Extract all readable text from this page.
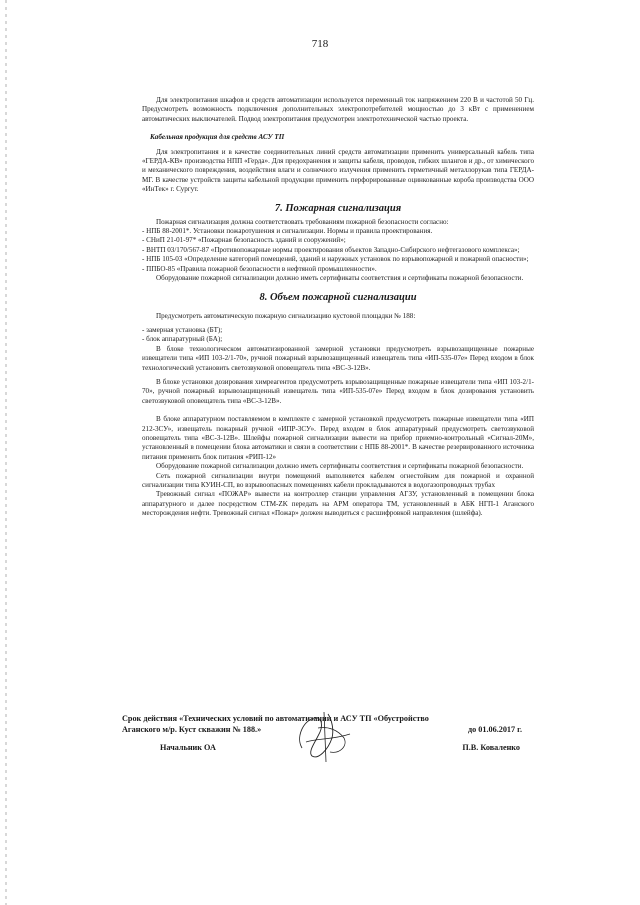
718

Для электропитания шкафов и средств автоматизации используется переменный ток напряжением 220 В и частотой 50 Гц. Предусмотреть возможность подключения дополнительных электропотребителей мощностью до 3 кВт с применением автоматических выключателей. Подвод электропитания предусмотрен электротехнической частью проекта.

Кабельная продукция для средств АСУ ТП

Для электропитания и в качестве соединительных линий средств автоматизации применить универсальный кабель типа «ГЕРДА-КВ» производства НПП «Герда». Для предохранения и защиты кабеля, проводов, гибких шлангов и др., от химического и механического повреждения, воздействия влаги и солнечного излучения применить герметичный металлорукав типа ГЕРДА-МГ. В качестве устройств защиты кабельной продукции применить перфорированные оцинкованные короба производства ООО «ИнТек» г. Сургут.

7. Пожарная сигнализация

Пожарная сигнализация должна соответствовать требованиям пожарной безопасности согласно:

- НПБ 88-2001*. Установки пожаротушения и сигнализации. Нормы и правила проектирования.

- СНиП 21-01-97* «Пожарная безопасность зданий и сооружений»;

- ВНТП 03/170/567-87 «Противопожарные нормы проектирования объектов Западно-Сибирского нефтегазового комплекса»;

- НПБ 105-03 «Определение категорий помещений, зданий и наружных установок по взрывопожарной и пожарной опасности»;

- ППБО-85 «Правила пожарной безопасности в нефтяной промышленности».

Оборудование пожарной сигнализации должно иметь сертификаты соответствия и сертификаты пожарной безопасности.

8. Объем пожарной сигнализации

Предусмотреть автоматическую пожарную сигнализацию кустовой площадки № 188:

- замерная установка (БТ);

- блок аппаратурный (БА);

В блоке технологическом автоматизированной замерной установки предусмотреть взрывозащищенные пожарные извещатели типа «ИП 103-2/1-70», ручной пожарный взрывозащищенный извещатель типа «ИП-535-07е» Перед входом в блок технологический установить светозвуковой оповещатель типа «ВС-3-12В».

В блоке установки дозирования химреагентов предусмотреть взрывозащищенные пожарные извещатели типа «ИП 103-2/1-70», ручной пожарный взрывозащищенный извещатель типа «ИП-535-07е» Перед входом в блок дозирования установить светозвуковой оповещатель типа «ВС-3-12В».

В блоке аппаратурном поставляемом в комплекте с замерной установкой предусмотреть пожарные извещатели типа «ИП 212-3СУ», извещатель пожарный ручной «ИПР-3СУ». Перед входом в блок аппаратурный предусмотреть светозвуковой оповещатель типа «ВС-3-12В». Шлейфы пожарной сигнализации вывести на прибор приемно-контрольный «Сигнал-20М», установленный в помещении блока автоматики и связи в соответствии с НПБ 88-2001*. В качестве резервированного источника питания применить блок питания «РИП-12»

Оборудование пожарной сигнализации должно иметь сертификаты соответствия и сертификаты пожарной безопасности.

Сеть пожарной сигнализации внутри помещений выполняется кабелем огнестойким для пожарной и охранной сигнализации типа КУИН-СП, во взрывоопасных помещениях кабели прокладываются в водогазопроводных трубах

Тревожный сигнал «ПОЖАР» вывести на контроллер станции управления АГЗУ, установленный в помещении блока аппаратурного и далее посредством СТМ-ZK передать на АРМ оператора ТМ, установленный в АБК НГП-1 Аганского месторождения нефти. Тревожный сигнал «Пожар» должен выводиться с расшифровкой направления (шлейфа).

Срок действия «Технических условий по автоматизации и АСУ ТП «Обустройство
Аганского м/р. Куст скважин № 188.»	до 01.06.2017 г.
Начальник ОА	П.В. Коваленко
